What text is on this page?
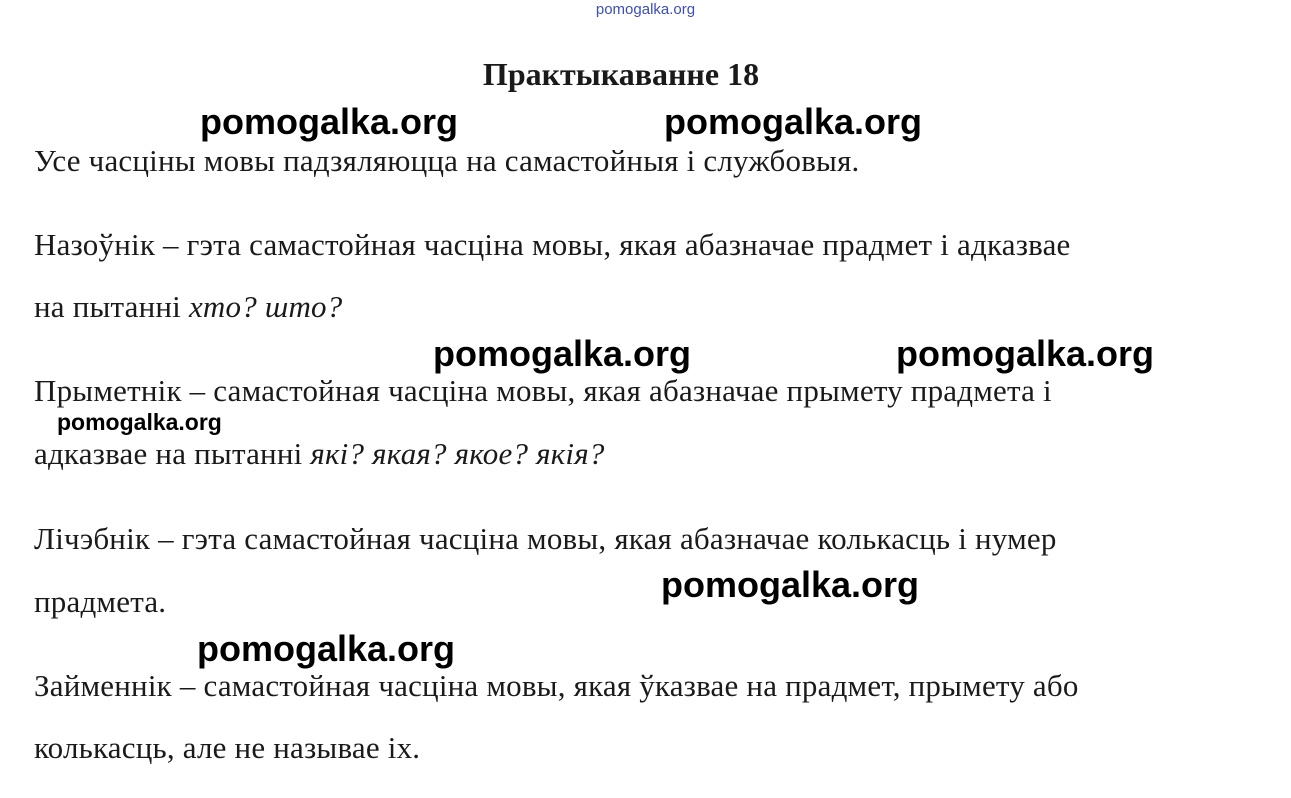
pomogalka.org
Практыкаванне 18
pomogalka.org	pomogalka.org
Усе часціны мовы падзяляюцца на самастойныя і службовыя.
Назоўнік – гэта самастойная часціна мовы, якая абазначае прадмет і адказвае
на пытанні хто? што?
pomogalka.org	pomogalka.org
Прыметнік – самастойная часціна мовы, якая абазначае прымету прадмета і
pomogalka.org
адказвае на пытанні які? якая? якое? якія?
Лічэбнік – гэта самастойная часціна мовы, якая абазначае колькасць і нумер
pomogalka.org
прадмета.
pomogalka.org
Займеннік – самастойная часціна мовы, якая ўказвае на прадмет, прымету або
колькасць, але не называе іх.
